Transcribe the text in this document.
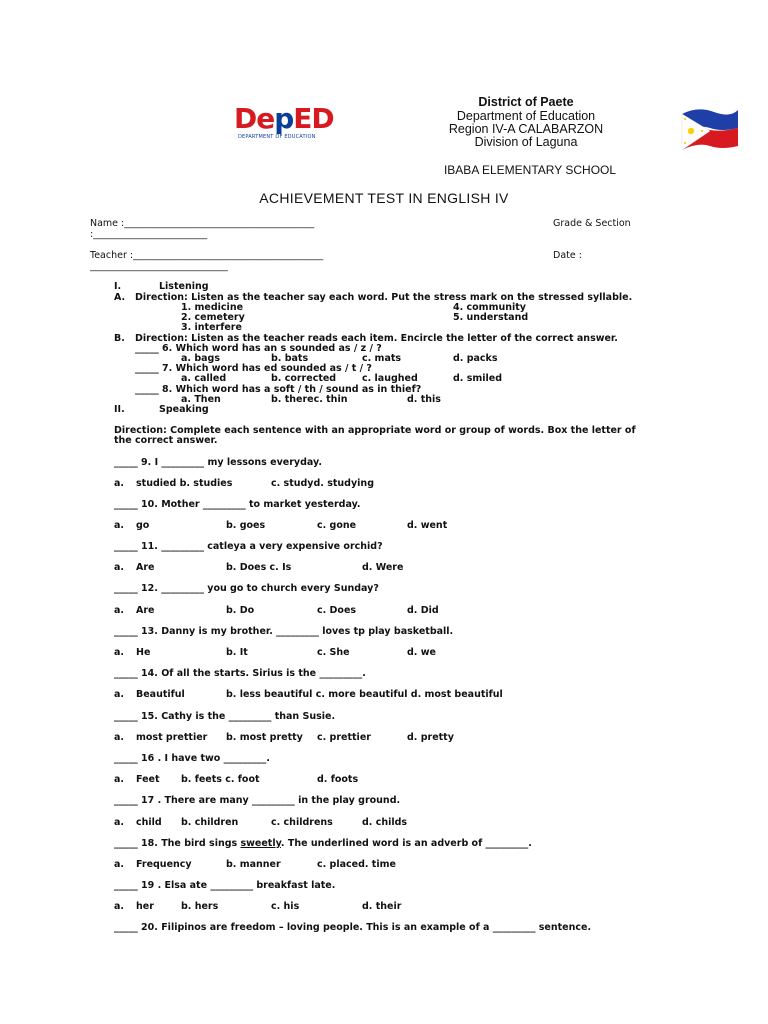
DepED
DEPARTMENT OF EDUCATION
District of Paete
Department of Education
Region IV-A CALABARZON
Division of Laguna
IBABA ELEMENTARY SCHOOL
ACHIEVEMENT TEST IN ENGLISH IV
Name :________________________________________	Grade & Section
:________________________
Teacher :________________________________________	Date :
_____________________________
I.	Listening
A. Direction: Listen as the teacher say each word. Put the stress mark on the stressed syllable.
1. medicine
2. cemetery
3. interfere
4. community
5. understand
B. Direction: Listen as the teacher reads each item. Encircle the letter of the correct answer.
_____ 6. Which word has an s sounded as / z / ?
a. bags	b. bats	c. mats	d. packs
_____ 7. Which word has ed sounded as / t / ?
a. called	b. corrected	c. laughed	d. smiled
_____ 8. Which word has a soft / th / sound as in thief?
a. Then	b. therec. thin	d. this
II.	Speaking
Direction: Complete each sentence with an appropriate word or group of words. Box the letter of
the correct answer.
_____ 9. I _________ my lessons everyday.
a. studied b. studies	c. studyd. studying
_____ 10. Mother _________ to market yesterday.
a. go	b. goes	c. gone	d. went
_____ 11. _________ catleya a very expensive orchid?
a. Are	b. Does c. Is	d. Were
_____ 12. _________ you go to church every Sunday?
a. Are	b. Do	c. Does	d. Did
_____ 13. Danny is my brother. _________ loves tp play basketball.
a. He	b. It	c. She	d. we
_____ 14. Of all the starts. Sirius is the _________.
a. Beautiful	b. less beautiful c. more beautiful d. most beautiful
_____ 15. Cathy is the _________ than Susie.
a. most prettier b. most pretty c. prettier	d. pretty
_____ 16 . I have two _________.
a. Feet b. feets c. foot	d. foots
_____ 17 . There are many _________ in the play ground.
a. child b. children	c. childrens	d. childs
_____ 18. The bird sings sweetly. The underlined word is an adverb of _________.
a. Frequency	b. manner	c. placed. time
_____ 19 . Elsa ate _________ breakfast late.
a. her	b. hers	c. his	d. their
_____ 20. Filipinos are freedom – loving people. This is an example of a _________ sentence.
